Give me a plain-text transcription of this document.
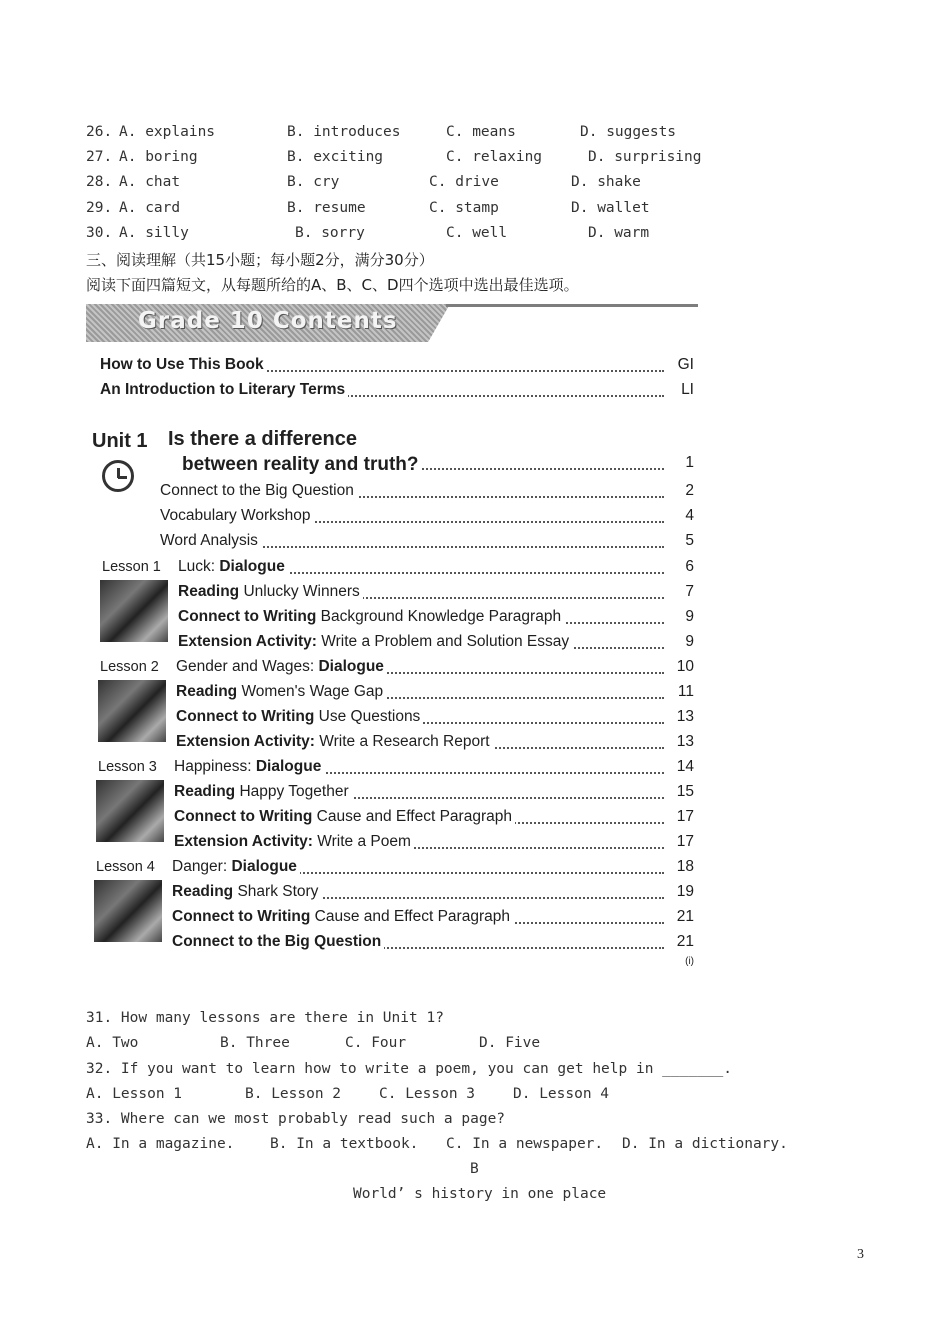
26. A. explains	B. introduces	C. means	D. suggests
27. A. boring	B. exciting	C. relaxing	D. surprising
28. A. chat	B. cry	C. drive	D. shake
29. A. card	B. resume	C. stamp	D. wallet
30. A. silly	B. sorry	C. well	D. warm
三、阅读理解（共15小题；每小题2分，满分30分）
阅读下面四篇短文，从每题所给的A、B、C、D四个选项中选出最佳选项。
Grade 10 Contents
How to Use This Book	GI
An Introduction to Literary Terms	LI
Unit 1 Is there a difference
between reality and truth?	1
Connect to the Big Question	2
Vocabulary Workshop	4
Word Analysis	5
Lesson 1 Luck: Dialogue	6
Reading Unlucky Winners	7
Connect to Writing Background Knowledge Paragraph	9
Extension Activity: Write a Problem and Solution Essay	9
Lesson 2 Gender and Wages: Dialogue	10
Reading Women's Wage Gap	11
Connect to Writing Use Questions	13
Extension Activity: Write a Research Report	13
Lesson 3 Happiness: Dialogue	14
Reading Happy Together	15
Connect to Writing Cause and Effect Paragraph	17
Extension Activity: Write a Poem	17
Lesson 4 Danger: Dialogue	18
Reading Shark Story	19
Connect to Writing Cause and Effect Paragraph	21
Connect to the Big Question	21
(i)
31. How many lessons are there in Unit 1?
A. Two	B. Three	C. Four	D. Five
32. If you want to learn how to write a poem, you can get help in _______.
A. Lesson 1	B. Lesson 2	C. Lesson 3	D. Lesson 4
33. Where can we most probably read such a page?
A. In a magazine. B. In a textbook. C. In a newspaper. D. In a dictionary.
B
World’ s history in one place
3
